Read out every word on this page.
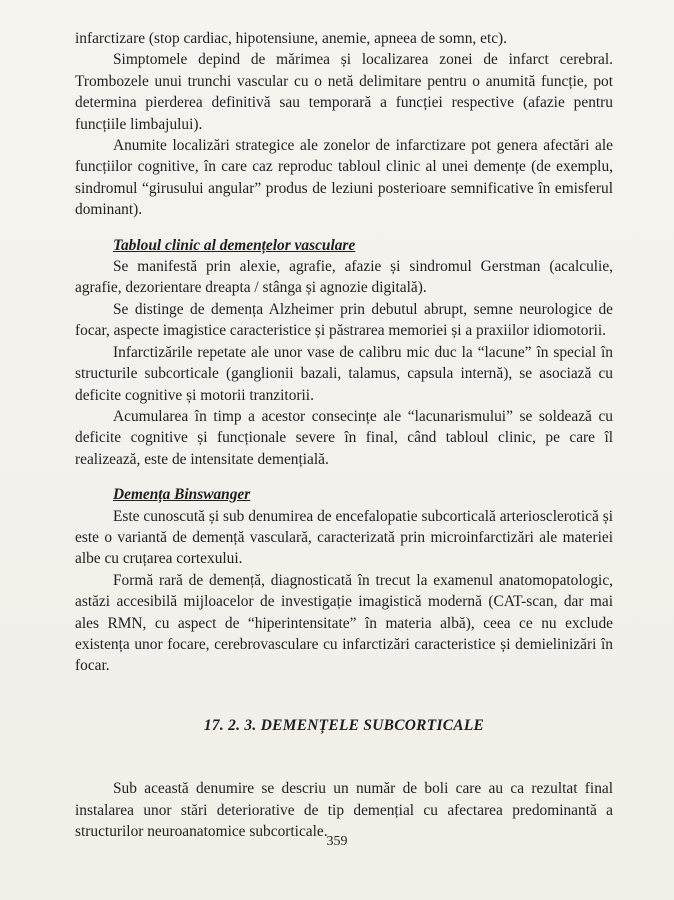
infarctizare (stop cardiac, hipotensiune, anemie, apneea de somn, etc).

Simptomele depind de mărimea și localizarea zonei de infarct cerebral. Trombozele unui trunchi vascular cu o netă delimitare pentru o anumită funcție, pot determina pierderea definitivă sau temporară a funcției respective (afazie pentru funcțiile limbajului).

Anumite localizări strategice ale zonelor de infarctizare pot genera afectări ale funcțiilor cognitive, în care caz reproduc tabloul clinic al unei demențe (de exemplu, sindromul “girusului angular” produs de leziuni posterioare semnificative în emisferul dominant).

Tabloul clinic al demențelor vasculare

Se manifestă prin alexie, agrafie, afazie și sindromul Gerstman (acalculie, agrafie, dezorientare dreapta / stânga și agnozie digitală).

Se distinge de demența Alzheimer prin debutul abrupt, semne neurologice de focar, aspecte imagistice caracteristice și păstrarea memoriei și a praxiilor idiomotorii.

Infarctizările repetate ale unor vase de calibru mic duc la “lacune” în special în structurile subcorticale (ganglionii bazali, talamus, capsula internă), se asociază cu deficite cognitive și motorii tranzitorii.

Acumularea în timp a acestor consecințe ale “lacunarismului” se soldează cu deficite cognitive și funcționale severe în final, când tabloul clinic, pe care îl realizează, este de intensitate demențială.

Demența Binswanger

Este cunoscută și sub denumirea de encefalopatie subcorticală arteriosclerotică și este o variantă de demență vasculară, caracterizată prin microinfarctizări ale materiei albe cu cruțarea cortexului.

Formă rară de demență, diagnosticată în trecut la examenul anatomopatologic, astăzi accesibilă mijloacelor de investigație imagistică modernă (CAT-scan, dar mai ales RMN, cu aspect de “hiperintensitate” în materia albă), ceea ce nu exclude existența unor focare, cerebrovasculare cu infarctizări caracteristice și demielinizări în focar.

17. 2. 3. DEMENȚELE SUBCORTICALE

Sub această denumire se descriu un număr de boli care au ca rezultat final instalarea unor stări deteriorative de tip demențial cu afectarea predominantă a structurilor neuroanatomice subcorticale.

359
